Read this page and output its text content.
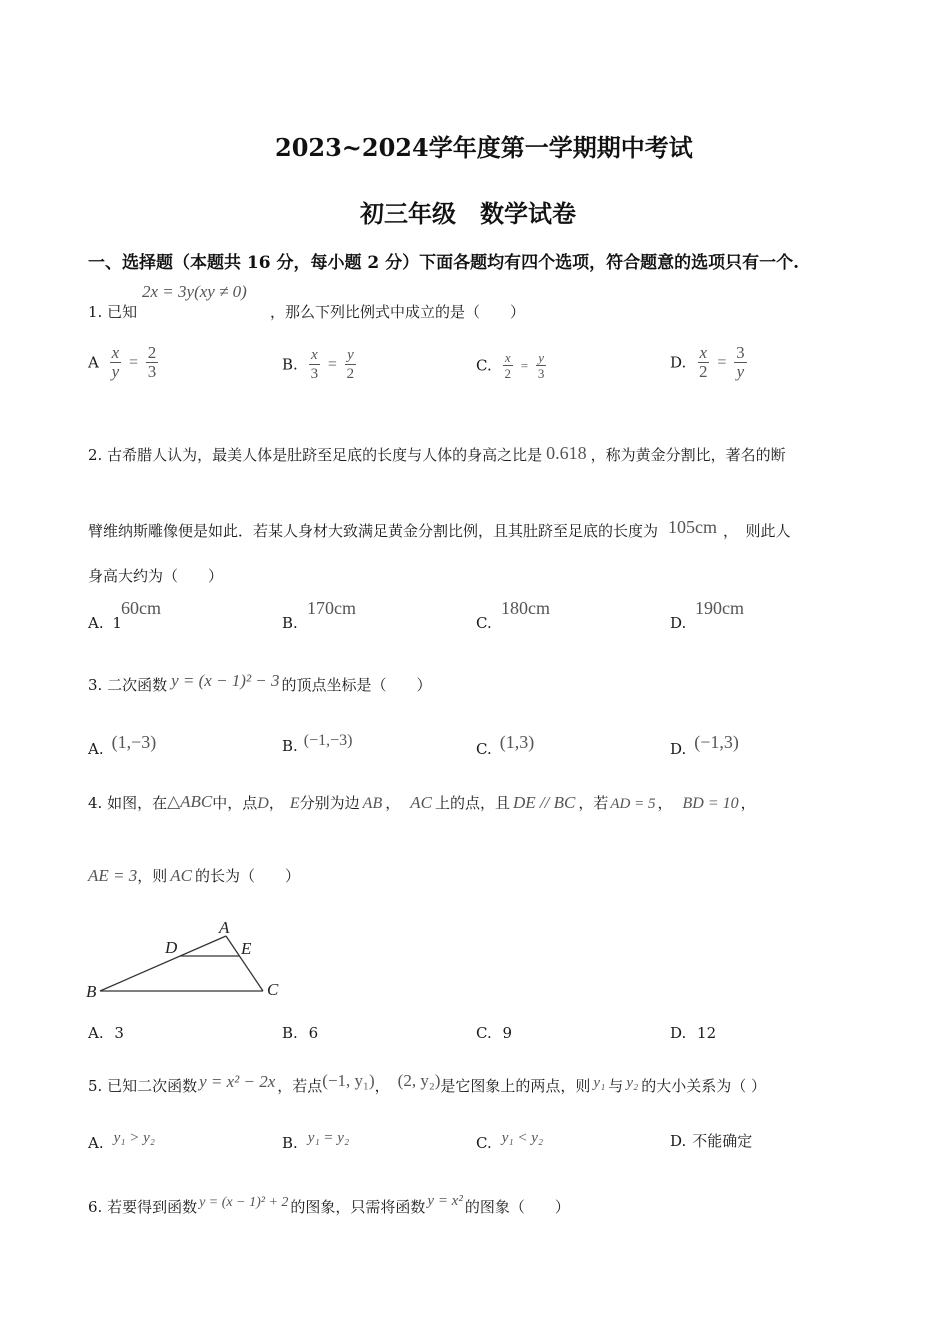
2023~2024学年度第一学期期中考试
初三年级　数学试卷
一、选择题（本题共 16 分，每小题 2 分）下面各题均有四个选项，符合题意的选项只有一个.
2x = 3y(xy ≠ 0)
1. 已知	，那么下列比例式中成立的是（　　）
A $\frac{x}{y} = \frac{2}{3}$	B. $\frac{x}{3} = \frac{y}{2}$	C. $\frac{x}{2} = \frac{y}{3}$	D. $\frac{x}{2} = \frac{3}{y}$
2. 古希腊人认为，最美人体是肚跻至足底的长度与人体的身高之比是 0.618 ，称为黄金分割比，著名的断
臂维纳斯雕像便是如此．若某人身材大致满足黄金分割比例，且其肚跻至足底的长度为 105cm ，　则此人
身高大约为（　　）
A. 1
60cm
B.
170cm
C.
180cm
D.
190cm
3. 二次函数 y = (x − 1)² − 3 的顶点坐标是（　　）
A. (1,−3)	B. (−1,−3)	C. (1,3)	D. (−1,3)
4. 如图，在△ABC中，点D， E分别为边 AB ， AC 上的点，且 DE // BC ，若 AD = 5 ， BD = 10 ，
AE = 3，则 AC 的长为（　　）
A
B	C
D	E
A. 3	B. 6	C. 9	D. 12
5. 已知二次函数 y = x² − 2x ，若点(−1, y₁)， (2, y₂)是它图象上的两点，则 y₁ 与 y₂ 的大小关系为（ ）
A. y₁ > y₂	B. y₁ = y₂	C. y₁ < y₂	D. 不能确定
6. 若要得到函数 y = (x − 1)² + 2 的图象，只需将函数 y = x² 的图象（　　）
